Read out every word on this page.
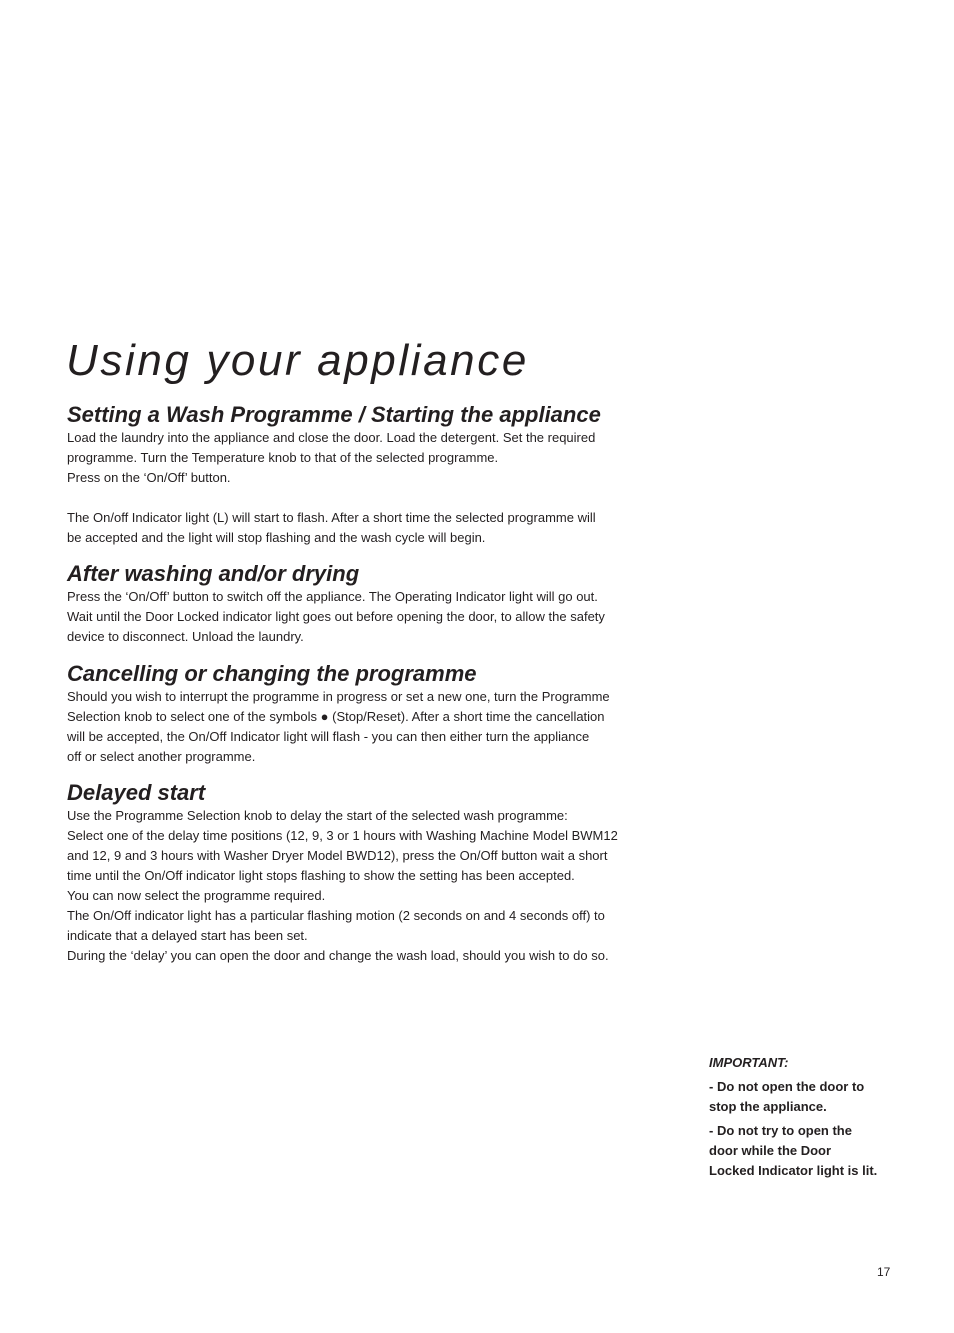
Using your appliance
Setting a Wash Programme / Starting the appliance

Load the laundry into the appliance and close the door. Load the detergent. Set the required

programme. Turn the Temperature knob to that of the selected programme.

Press on the ‘On/Off’ button.

The On/off Indicator light (L) will start to flash. After a short time the selected programme will

be accepted and the light will stop flashing and the wash cycle will begin.

After washing and/or drying

Press the ‘On/Off’ button to switch off the appliance. The Operating Indicator light will go out.

Wait until the Door Locked indicator light goes out before opening the door, to allow the safety

device to disconnect. Unload the laundry.

Cancelling or changing the programme

Should you wish to interrupt the programme in progress or set a new one, turn the Programme

Selection knob to select one of the symbols ● (Stop/Reset). After a short time the cancellation

will be accepted, the On/Off Indicator light will flash - you can then either turn the appliance

off or select another programme.

Delayed start

Use the Programme Selection knob to delay the start of the selected wash programme:

Select one of the delay time positions (12, 9, 3 or 1 hours with Washing Machine Model BWM12

and 12, 9 and 3 hours with Washer Dryer Model BWD12), press the On/Off button wait a short

time until the On/Off indicator light stops flashing to show the setting has been accepted.

You can now select the programme required.

The On/Off indicator light has a particular flashing motion (2 seconds on and 4 seconds off) to

indicate that a delayed start has been set.

During the ‘delay’ you can open the door and change the wash load, should you wish to do so.

IMPORTANT:
- Do not open the door to
stop the appliance.
- Do not try to open the
door while the Door
Locked Indicator light is lit.
17
